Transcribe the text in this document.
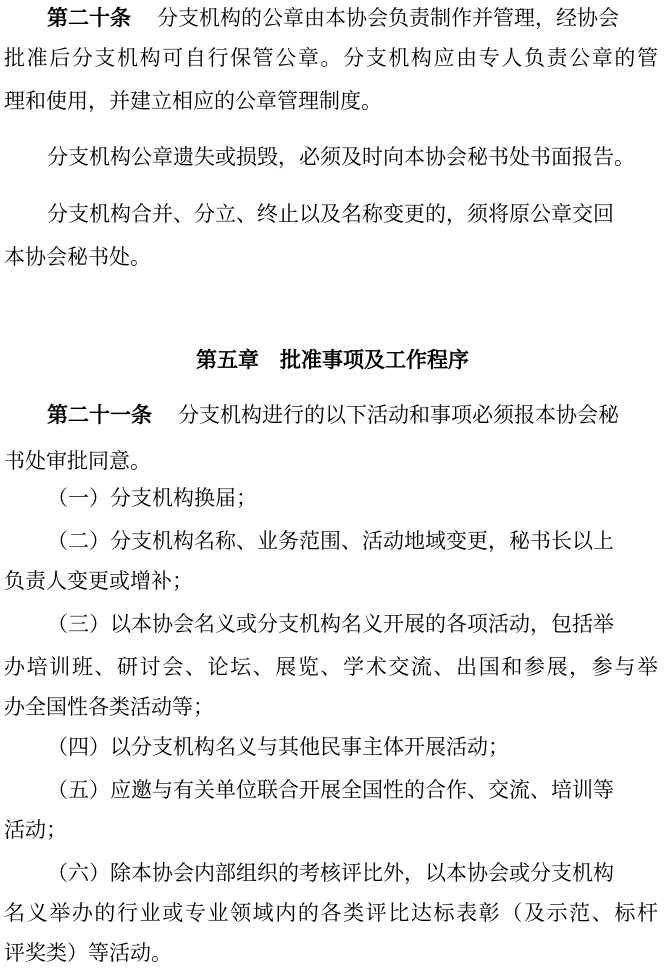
第二十条 分支机构的公章由本协会负责制作并管理，经协会
批准后分支机构可自行保管公章。分支机构应由专人负责公章的管
理和使用，并建立相应的公章管理制度。
分支机构公章遗失或损毁，必须及时向本协会秘书处书面报告。
分支机构合并、分立、终止以及名称变更的，须将原公章交回
本协会秘书处。
第五章　批准事项及工作程序
第二十一条 分支机构进行的以下活动和事项必须报本协会秘
书处审批同意。
（一）分支机构换届；
（二）分支机构名称、业务范围、活动地域变更，秘书长以上
负责人变更或增补；
（三）以本协会名义或分支机构名义开展的各项活动，包括举
办培训班、研讨会、论坛、展览、学术交流、出国和参展，参与举
办全国性各类活动等；
（四）以分支机构名义与其他民事主体开展活动；
（五）应邀与有关单位联合开展全国性的合作、交流、培训等
活动；
（六）除本协会内部组织的考核评比外，以本协会或分支机构
名义举办的行业或专业领域内的各类评比达标表彰（及示范、标杆
评奖类）等活动。
